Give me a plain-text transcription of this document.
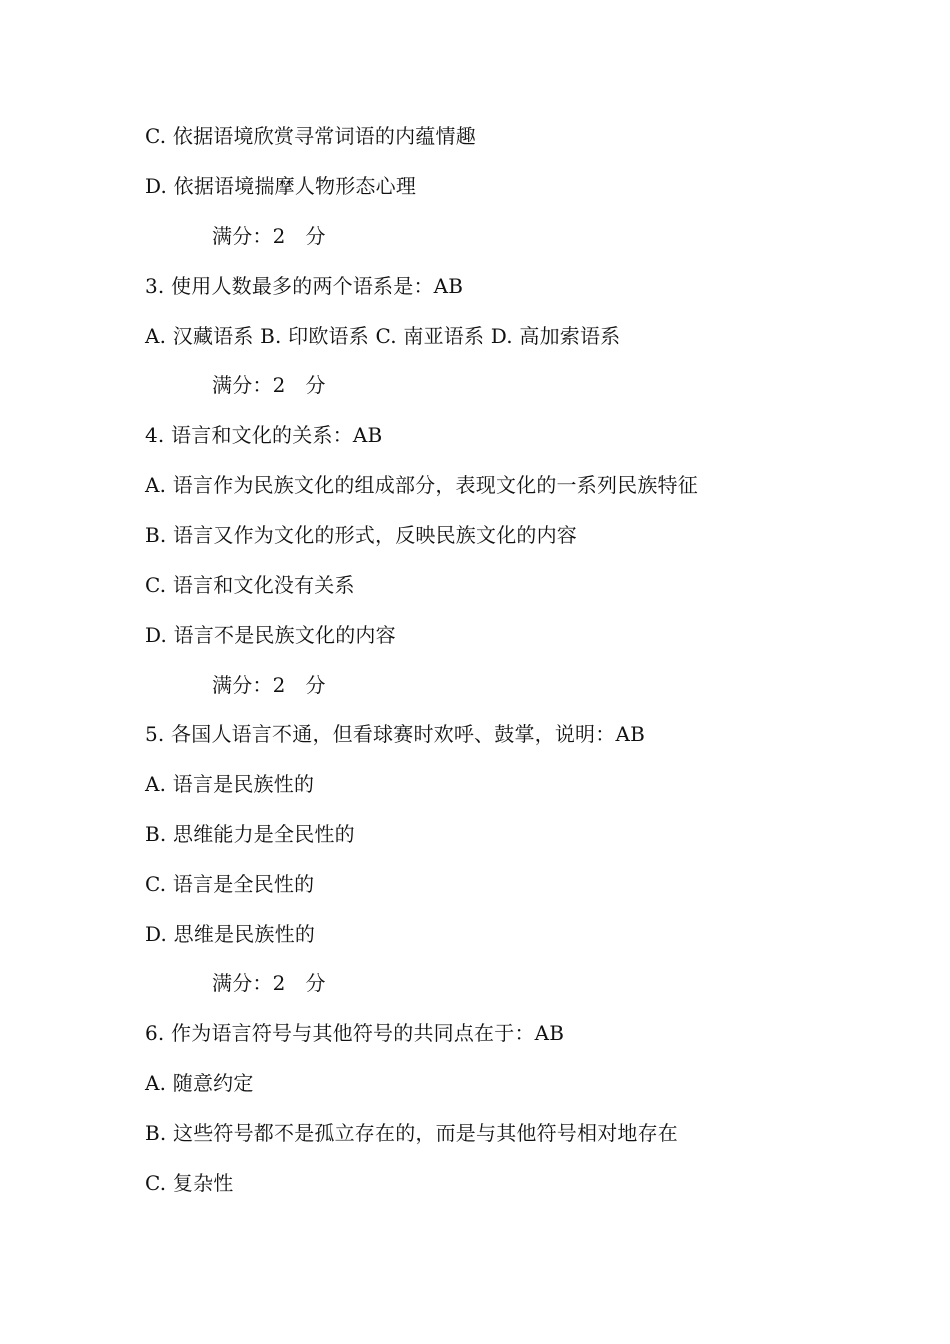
C. 依据语境欣赏寻常词语的内蕴情趣
D. 依据语境揣摩人物形态心理
满分：2 分
3. 使用人数最多的两个语系是：AB
A. 汉藏语系 B. 印欧语系 C. 南亚语系 D. 高加索语系
满分：2 分
4. 语言和文化的关系：AB
A. 语言作为民族文化的组成部分，表现文化的一系列民族特征
B. 语言又作为文化的形式，反映民族文化的内容
C. 语言和文化没有关系
D. 语言不是民族文化的内容
满分：2 分
5. 各国人语言不通，但看球赛时欢呼、鼓掌，说明：AB
A. 语言是民族性的
B. 思维能力是全民性的
C. 语言是全民性的
D. 思维是民族性的
满分：2 分
6. 作为语言符号与其他符号的共同点在于：AB
A. 随意约定
B. 这些符号都不是孤立存在的，而是与其他符号相对地存在
C. 复杂性
